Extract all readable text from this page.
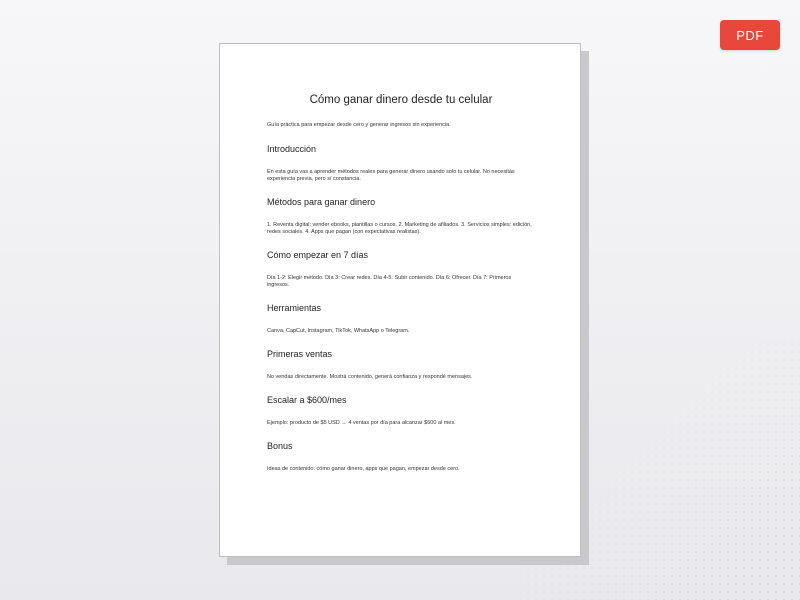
PDF
Cómo ganar dinero desde tu celular

Guía práctica para empezar desde cero y generar ingresos sin experiencia.

Introducción

En esta guía vas a aprender métodos reales para generar dinero usando solo tu celular. No necesitás experiencia previa, pero sí constancia.

Métodos para ganar dinero

1. Reventa digital: vender ebooks, plantillas o cursos. 2. Marketing de afiliados. 3. Servicios simples: edición, redes sociales. 4. Apps que pagan (con expectativas realistas).

Cómo empezar en 7 días

Día 1-2: Elegir método. Día 3: Crear redes. Día 4-5: Subir contenido. Día 6: Ofrecer. Día 7: Primeros ingresos.

Herramientas

Canva, CapCut, Instagram, TikTok, WhatsApp o Telegram.

Primeras ventas

No vendas directamente. Mostrá contenido, generá confianza y respondé mensajes.

Escalar a $600/mes

Ejemplo: producto de $5 USD → 4 ventas por día para alcanzar $600 al mes.

Bonus

Ideas de contenido: cómo ganar dinero, apps que pagan, empezar desde cero.
